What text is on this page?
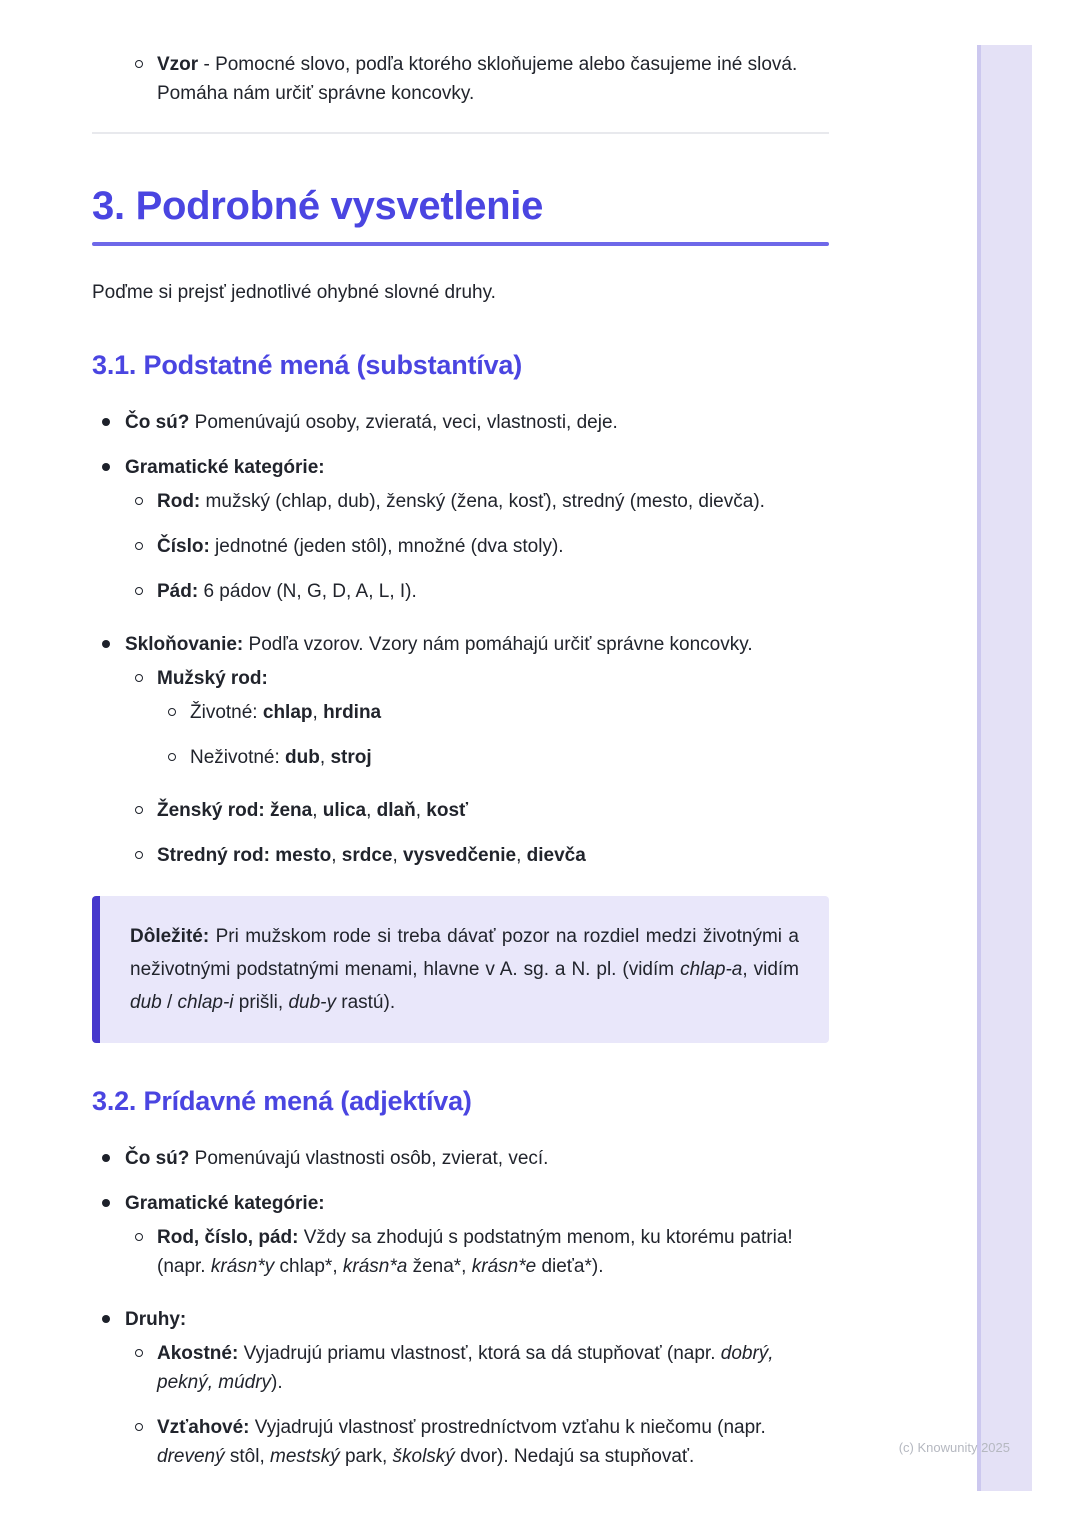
Vzor - Pomocné slovo, podľa ktorého skloňujeme alebo časujeme iné slová. Pomáha nám určiť správne koncovky.

3. Podrobné vysvetlenie

Poďme si prejsť jednotlivé ohybné slovné druhy.

3.1. Podstatné mená (substantíva)

Čo sú? Pomenúvajú osoby, zvieratá, veci, vlastnosti, deje.

Gramatické kategórie:

Rod: mužský (chlap, dub), ženský (žena, kosť), stredný (mesto, dievča).

Číslo: jednotné (jeden stôl), množné (dva stoly).

Pád: 6 pádov (N, G, D, A, L, I).

Skloňovanie: Podľa vzorov. Vzory nám pomáhajú určiť správne koncovky.

Mužský rod:

Životné: chlap, hrdina

Neživotné: dub, stroj

Ženský rod: žena, ulica, dlaň, kosť

Stredný rod: mesto, srdce, vysvedčenie, dievča

Dôležité: Pri mužskom rode si treba dávať pozor na rozdiel medzi životnými a neživotnými podstatnými menami, hlavne v A. sg. a N. pl. (vidím chlap-a, vidím dub / chlap-i prišli, dub-y rastú).

3.2. Prídavné mená (adjektíva)

Čo sú? Pomenúvajú vlastnosti osôb, zvierat, vecí.

Gramatické kategórie:

Rod, číslo, pád: Vždy sa zhodujú s podstatným menom, ku ktorému patria! (napr. krásn*y chlap*, krásn*a žena*, krásn*e dieťa*).

Druhy:

Akostné: Vyjadrujú priamu vlastnosť, ktorá sa dá stupňovať (napr. dobrý, pekný, múdry).

Vzťahové: Vyjadrujú vlastnosť prostredníctvom vzťahu k niečomu (napr. drevený stôl, mestský park, školský dvor). Nedajú sa stupňovať.	(c) Knowunity 2025
